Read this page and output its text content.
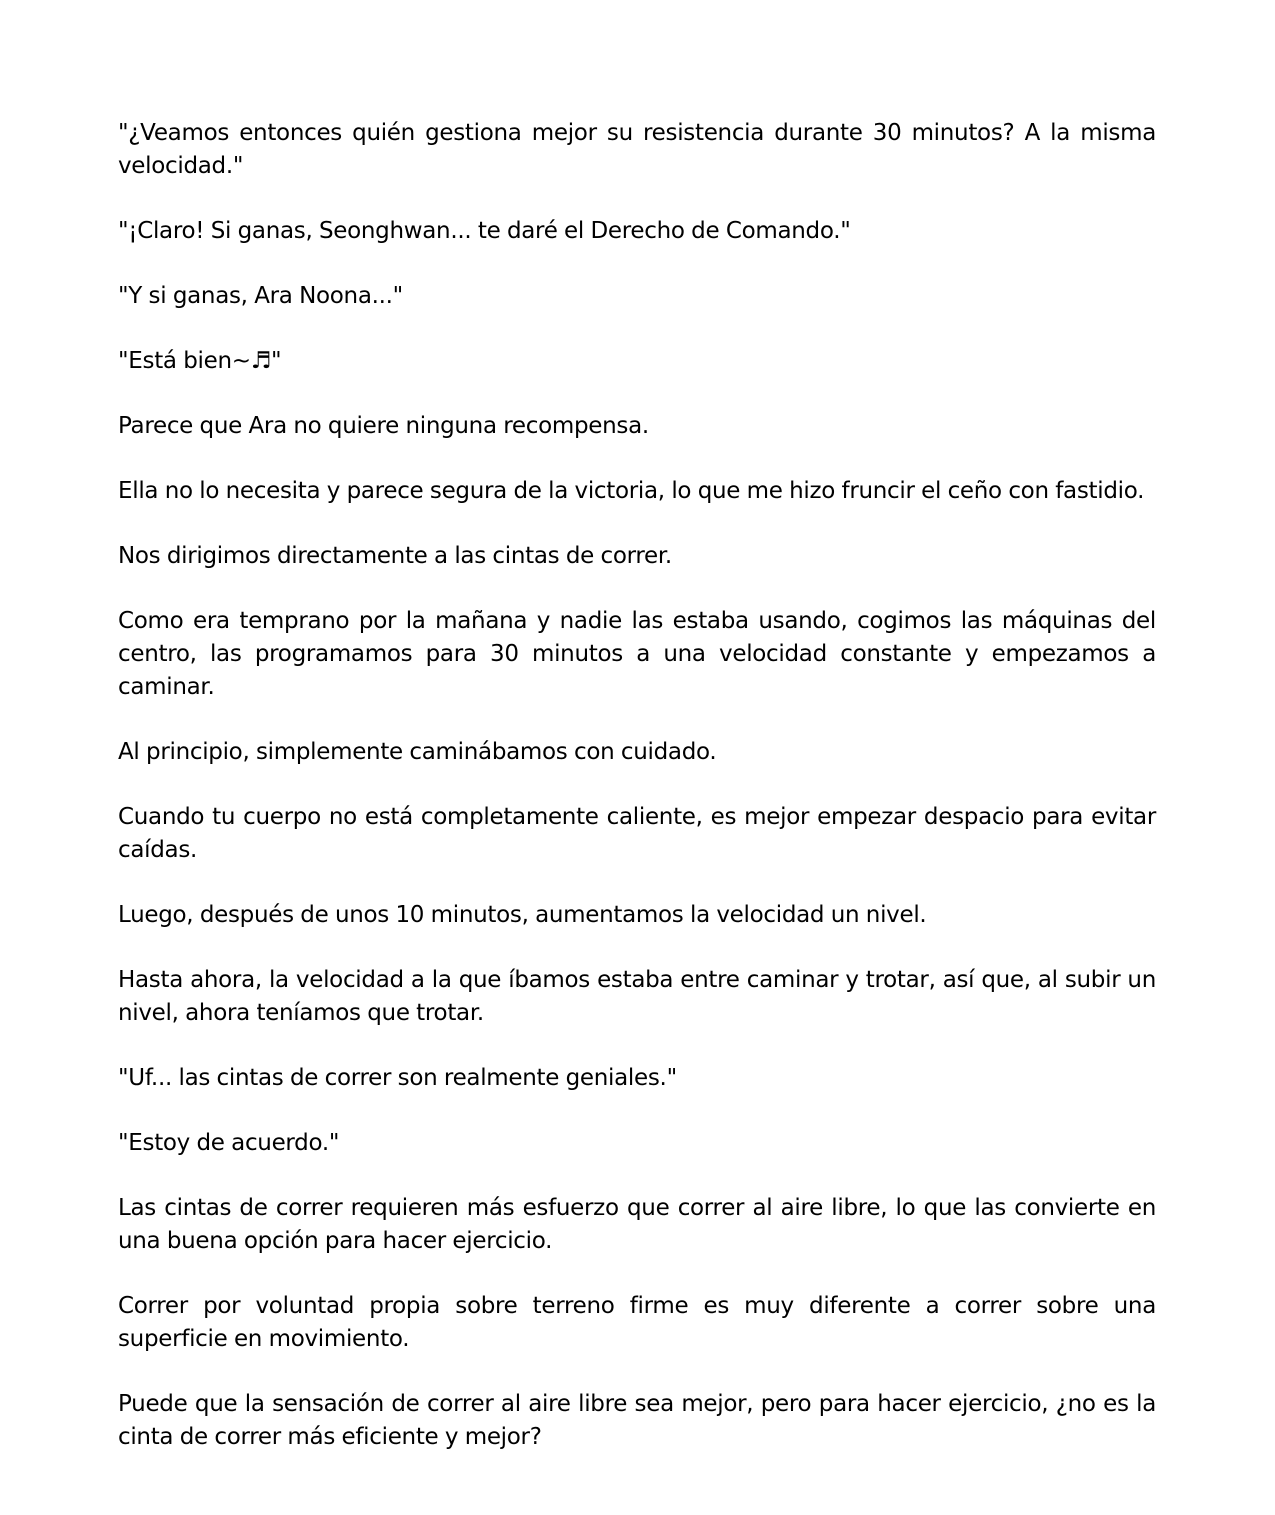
"¿Veamos entonces quién gestiona mejor su resistencia durante 30 minutos? A la misma velocidad."

"¡Claro! Si ganas, Seonghwan... te daré el Derecho de Comando."

"Y si ganas, Ara Noona..."

"Está bien~♬"

Parece que Ara no quiere ninguna recompensa.

Ella no lo necesita y parece segura de la victoria, lo que me hizo fruncir el ceño con fastidio.

Nos dirigimos directamente a las cintas de correr.

Como era temprano por la mañana y nadie las estaba usando, cogimos las máquinas del centro, las programamos para 30 minutos a una velocidad constante y empezamos a caminar.

Al principio, simplemente caminábamos con cuidado.

Cuando tu cuerpo no está completamente caliente, es mejor empezar despacio para evitar caídas.

Luego, después de unos 10 minutos, aumentamos la velocidad un nivel.

Hasta ahora, la velocidad a la que íbamos estaba entre caminar y trotar, así que, al subir un nivel, ahora teníamos que trotar.

"Uf... las cintas de correr son realmente geniales."

"Estoy de acuerdo."

Las cintas de correr requieren más esfuerzo que correr al aire libre, lo que las convierte en una buena opción para hacer ejercicio.

Correr por voluntad propia sobre terreno firme es muy diferente a correr sobre una superficie en movimiento.

Puede que la sensación de correr al aire libre sea mejor, pero para hacer ejercicio, ¿no es la cinta de correr más eficiente y mejor?
